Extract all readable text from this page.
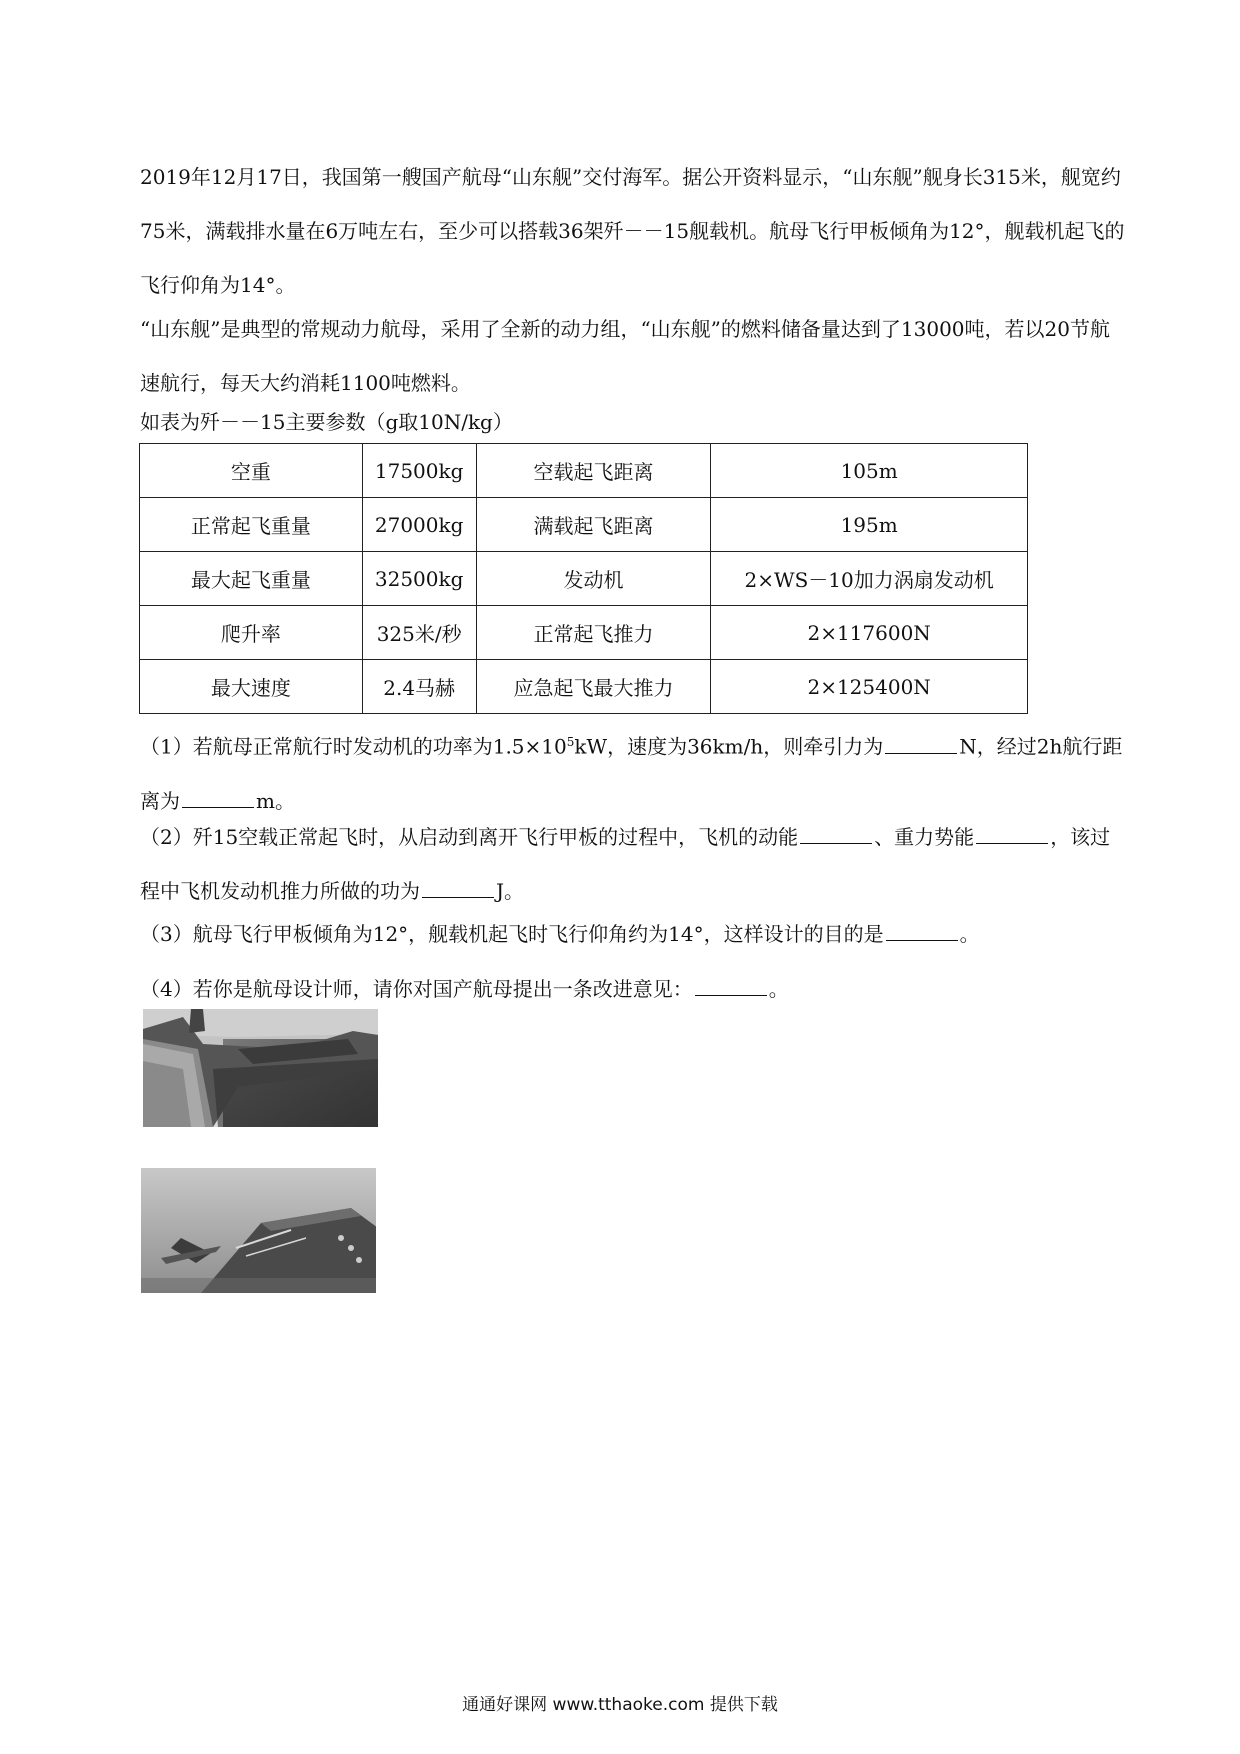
2019年12月17日，我国第一艘国产航母“山东舰”交付海军。据公开资料显示，“山东舰”舰身长315米，舰宽约75米，满载排水量在6万吨左右，至少可以搭载36架歼－－15舰载机。航母飞行甲板倾角为12°，舰载机起飞的飞行仰角为14°。

“山东舰”是典型的常规动力航母，采用了全新的动力组，“山东舰”的燃料储备量达到了13000吨，若以20节航速航行，每天大约消耗1100吨燃料。

如表为歼－－15主要参数（g取10N/kg）

空重	17500kg	空载起飞距离	105m
正常起飞重量	27000kg	满载起飞距离	195m
最大起飞重量	32500kg	发动机	2×WS－10加力涡扇发动机
爬升率	325米/秒	正常起飞推力	2×117600N
最大速度	2.4马赫	应急起飞最大推力	2×125400N

（1）若航母正常航行时发动机的功率为$1.5\times 10^5kW$，速度为36km/h，则牵引力为	N，经过2h航行距离为	m。

（2）歼15空载正常起飞时，从启动到离开飞行甲板的过程中，飞机的动能	、重力势能	，该过程中飞机发动机推力所做的功为	J。

（3）航母飞行甲板倾角为12°，舰载机起飞时飞行仰角约为14°，这样设计的目的是	。

（4）若你是航母设计师，请你对国产航母提出一条改进意见：	。

通通好课网 www.tthaoke.com 提供下载
